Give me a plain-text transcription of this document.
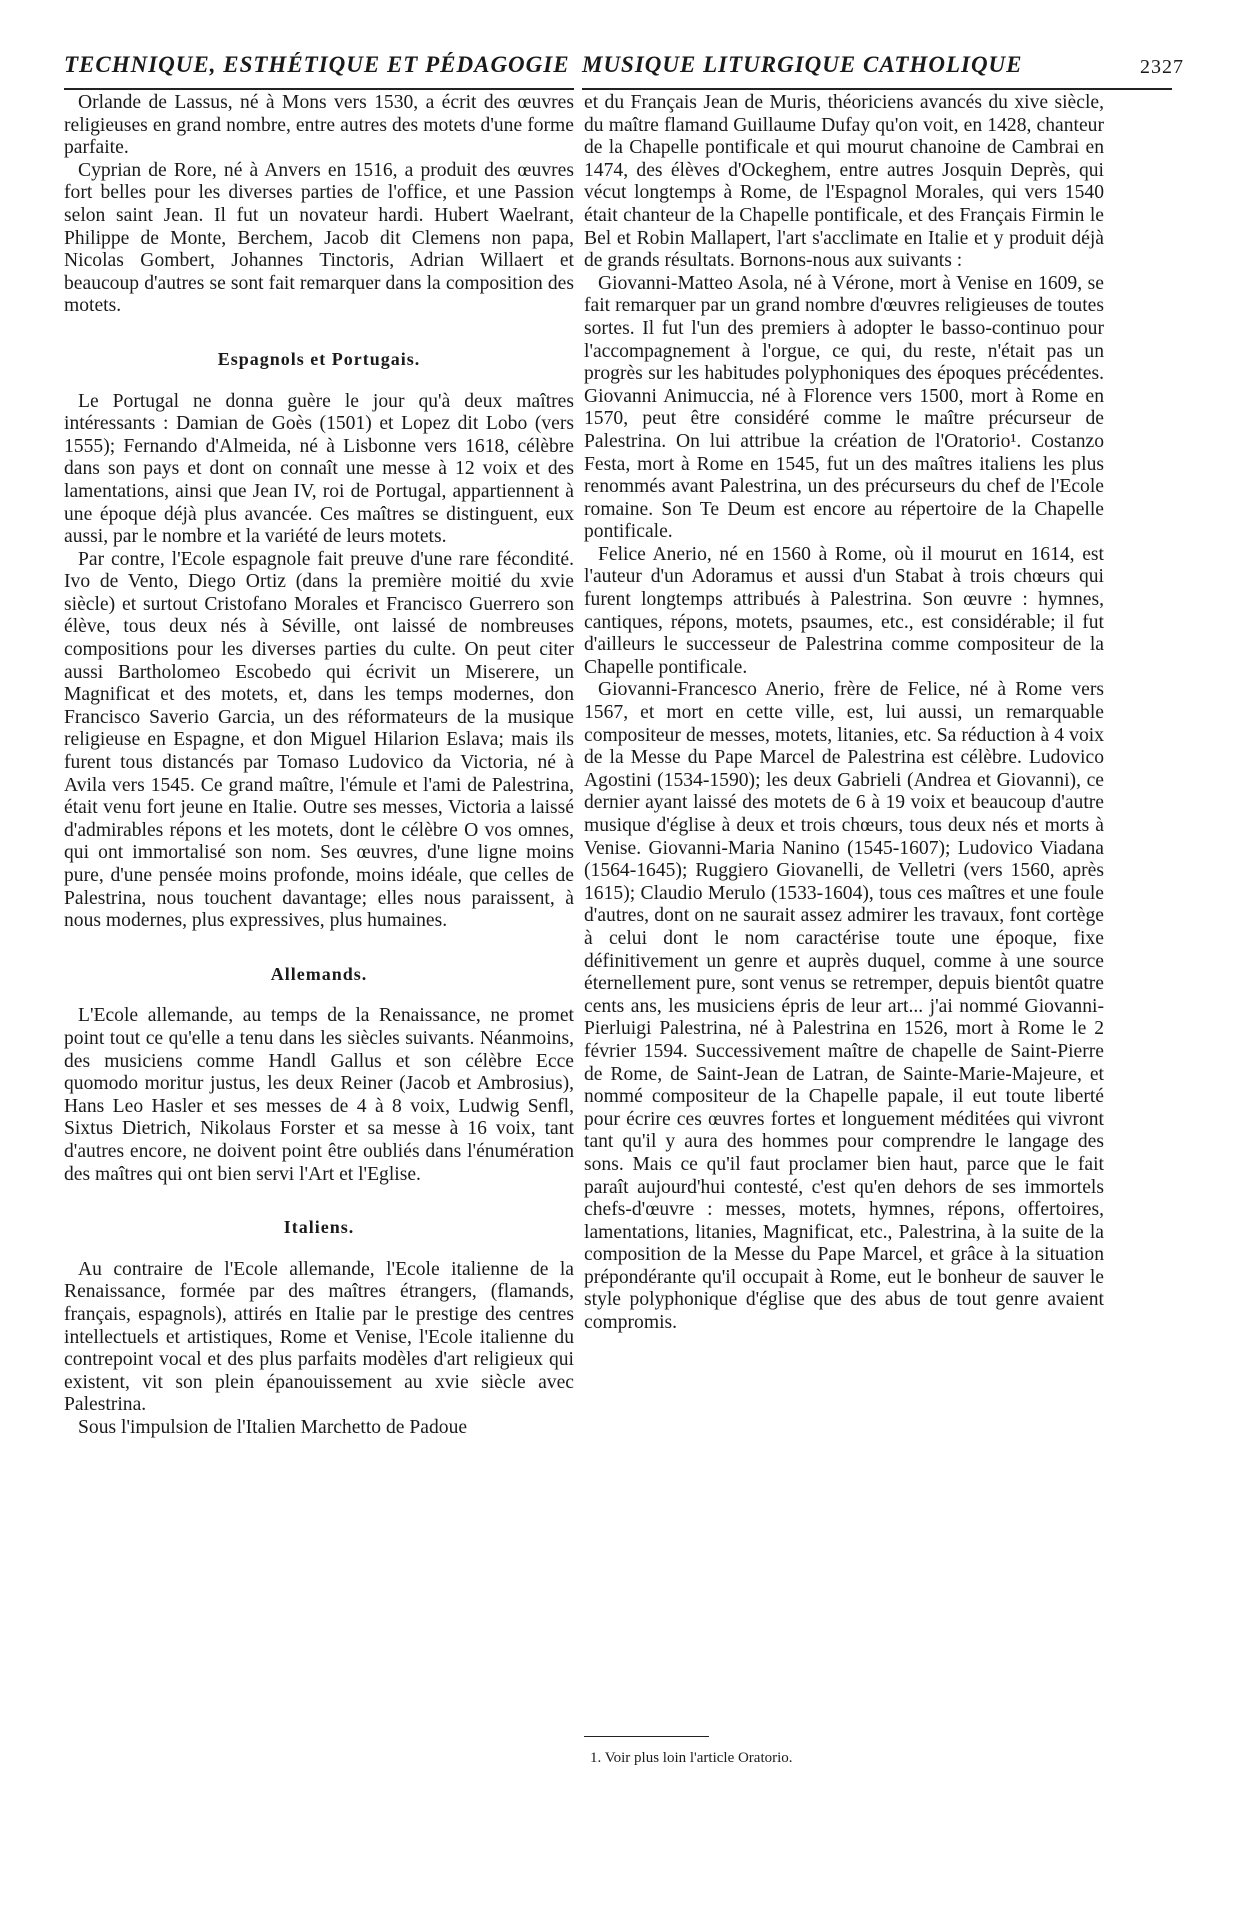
TECHNIQUE, ESTHÉTIQUE ET PÉDAGOGIE MUSIQUE LITURGIQUE CATHOLIQUE	2327

Orlande de Lassus, né à Mons vers 1530, a écrit des œuvres religieuses en grand nombre, entre autres des motets d'une forme parfaite.

Cyprian de Rore, né à Anvers en 1516, a produit des œuvres fort belles pour les diverses parties de l'office, et une Passion selon saint Jean. Il fut un novateur hardi. Hubert Waelrant, Philippe de Monte, Berchem, Jacob dit Clemens non papa, Nicolas Gombert, Johannes Tinctoris, Adrian Willaert et beaucoup d'autres se sont fait remarquer dans la composition des motets.

Espagnols et Portugais.

Le Portugal ne donna guère le jour qu'à deux maîtres intéressants : Damian de Goès (1501) et Lopez dit Lobo (vers 1555); Fernando d'Almeida, né à Lisbonne vers 1618, célèbre dans son pays et dont on connaît une messe à 12 voix et des lamentations, ainsi que Jean IV, roi de Portugal, appartiennent à une époque déjà plus avancée. Ces maîtres se distinguent, eux aussi, par le nombre et la variété de leurs motets.

Par contre, l'Ecole espagnole fait preuve d'une rare fécondité. Ivo de Vento, Diego Ortiz (dans la première moitié du xvie siècle) et surtout Cristofano Morales et Francisco Guerrero son élève, tous deux nés à Séville, ont laissé de nombreuses compositions pour les diverses parties du culte. On peut citer aussi Bartholomeo Escobedo qui écrivit un Miserere, un Magnificat et des motets, et, dans les temps modernes, don Francisco Saverio Garcia, un des réformateurs de la musique religieuse en Espagne, et don Miguel Hilarion Eslava; mais ils furent tous distancés par Tomaso Ludovico da Victoria, né à Avila vers 1545. Ce grand maître, l'émule et l'ami de Palestrina, était venu fort jeune en Italie. Outre ses messes, Victoria a laissé d'admirables répons et les motets, dont le célèbre O vos omnes, qui ont immortalisé son nom. Ses œuvres, d'une ligne moins pure, d'une pensée moins profonde, moins idéale, que celles de Palestrina, nous touchent davantage; elles nous paraissent, à nous modernes, plus expressives, plus humaines.

Allemands.

L'Ecole allemande, au temps de la Renaissance, ne promet point tout ce qu'elle a tenu dans les siècles suivants. Néanmoins, des musiciens comme Handl Gallus et son célèbre Ecce quomodo moritur justus, les deux Reiner (Jacob et Ambrosius), Hans Leo Hasler et ses messes de 4 à 8 voix, Ludwig Senfl, Sixtus Dietrich, Nikolaus Forster et sa messe à 16 voix, tant d'autres encore, ne doivent point être oubliés dans l'énumération des maîtres qui ont bien servi l'Art et l'Eglise.

Italiens.

Au contraire de l'Ecole allemande, l'Ecole italienne de la Renaissance, formée par des maîtres étrangers, (flamands, français, espagnols), attirés en Italie par le prestige des centres intellectuels et artistiques, Rome et Venise, l'Ecole italienne du contrepoint vocal et des plus parfaits modèles d'art religieux qui existent, vit son plein épanouissement au xvie siècle avec Palestrina.

Sous l'impulsion de l'Italien Marchetto de Padoue

et du Français Jean de Muris, théoriciens avancés du xive siècle, du maître flamand Guillaume Dufay qu'on voit, en 1428, chanteur de la Chapelle pontificale et qui mourut chanoine de Cambrai en 1474, des élèves d'Ockeghem, entre autres Josquin Deprès, qui vécut longtemps à Rome, de l'Espagnol Morales, qui vers 1540 était chanteur de la Chapelle pontificale, et des Français Firmin le Bel et Robin Mallapert, l'art s'acclimate en Italie et y produit déjà de grands résultats. Bornons-nous aux suivants :

Giovanni-Matteo Asola, né à Vérone, mort à Venise en 1609, se fait remarquer par un grand nombre d'œuvres religieuses de toutes sortes. Il fut l'un des premiers à adopter le basso-continuo pour l'accompagnement à l'orgue, ce qui, du reste, n'était pas un progrès sur les habitudes polyphoniques des époques précédentes. Giovanni Animuccia, né à Florence vers 1500, mort à Rome en 1570, peut être considéré comme le maître précurseur de Palestrina. On lui attribue la création de l'Oratorio¹. Costanzo Festa, mort à Rome en 1545, fut un des maîtres italiens les plus renommés avant Palestrina, un des précurseurs du chef de l'Ecole romaine. Son Te Deum est encore au répertoire de la Chapelle pontificale.

Felice Anerio, né en 1560 à Rome, où il mourut en 1614, est l'auteur d'un Adoramus et aussi d'un Stabat à trois chœurs qui furent longtemps attribués à Palestrina. Son œuvre : hymnes, cantiques, répons, motets, psaumes, etc., est considérable; il fut d'ailleurs le successeur de Palestrina comme compositeur de la Chapelle pontificale.

Giovanni-Francesco Anerio, frère de Felice, né à Rome vers 1567, et mort en cette ville, est, lui aussi, un remarquable compositeur de messes, motets, litanies, etc. Sa réduction à 4 voix de la Messe du Pape Marcel de Palestrina est célèbre. Ludovico Agostini (1534-1590); les deux Gabrieli (Andrea et Giovanni), ce dernier ayant laissé des motets de 6 à 19 voix et beaucoup d'autre musique d'église à deux et trois chœurs, tous deux nés et morts à Venise. Giovanni-Maria Nanino (1545-1607); Ludovico Viadana (1564-1645); Ruggiero Giovanelli, de Velletri (vers 1560, après 1615); Claudio Merulo (1533-1604), tous ces maîtres et une foule d'autres, dont on ne saurait assez admirer les travaux, font cortège à celui dont le nom caractérise toute une époque, fixe définitivement un genre et auprès duquel, comme à une source éternellement pure, sont venus se retremper, depuis bientôt quatre cents ans, les musiciens épris de leur art... j'ai nommé Giovanni-Pierluigi Palestrina, né à Palestrina en 1526, mort à Rome le 2 février 1594. Successivement maître de chapelle de Saint-Pierre de Rome, de Saint-Jean de Latran, de Sainte-Marie-Majeure, et nommé compositeur de la Chapelle papale, il eut toute liberté pour écrire ces œuvres fortes et longuement méditées qui vivront tant qu'il y aura des hommes pour comprendre le langage des sons. Mais ce qu'il faut proclamer bien haut, parce que le fait paraît aujourd'hui contesté, c'est qu'en dehors de ses immortels chefs-d'œuvre : messes, motets, hymnes, répons, offertoires, lamentations, litanies, Magnificat, etc., Palestrina, à la suite de la composition de la Messe du Pape Marcel, et grâce à la situation prépondérante qu'il occupait à Rome, eut le bonheur de sauver le style polyphonique d'église que des abus de tout genre avaient compromis.

1. Voir plus loin l'article Oratorio.
